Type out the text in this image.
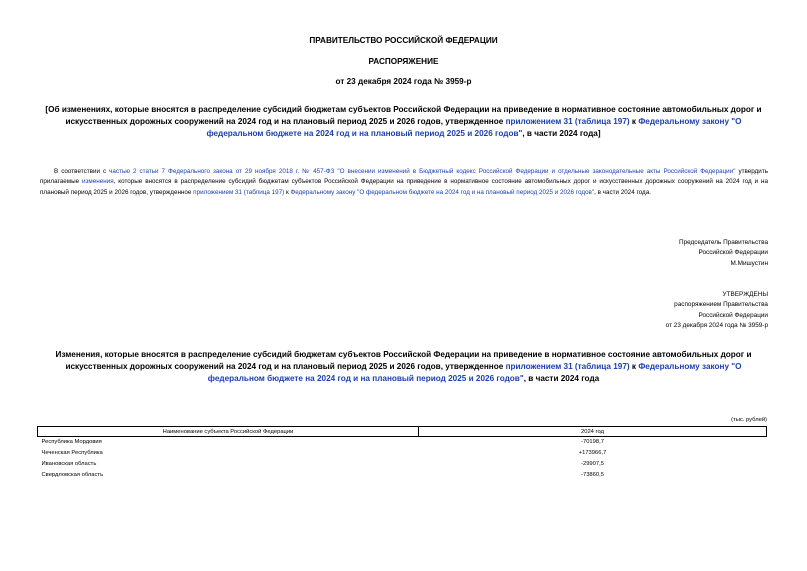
ПРАВИТЕЛЬСТВО РОССИЙСКОЙ ФЕДЕРАЦИИ
РАСПОРЯЖЕНИЕ
от 23 декабря 2024 года № 3959-р
[Об изменениях, которые вносятся в распределение субсидий бюджетам субъектов Российской Федерации на приведение в нормативное состояние автомобильных дорог и искусственных дорожных сооружений на 2024 год и на плановый период 2025 и 2026 годов, утвержденное приложением 31 (таблица 197) к Федеральному закону "О федеральном бюджете на 2024 год и на плановый период 2025 и 2026 годов", в части 2024 года]
В соответствии с частью 2 статьи 7 Федерального закона от 29 ноября 2018 г. № 457-ФЗ "О внесении изменений в Бюджетный кодекс Российской Федерации и отдельные законодательные акты Российской Федерации" утвердить прилагаемые изменения, которые вносятся в распределение субсидий бюджетам субъектов Российской Федерации на приведение в нормативное состояние автомобильных дорог и искусственных дорожных сооружений на 2024 год и на плановый период 2025 и 2026 годов, утвержденное приложением 31 (таблица 197) к Федеральному закону "О федеральном бюджете на 2024 год и на плановый период 2025 и 2026 годов", в части 2024 года.
Председатель Правительства
Российской Федерации
М.Мишустин
УТВЕРЖДЕНЫ
распоряжением Правительства
Российской Федерации
от 23 декабря 2024 года № 3959-р
Изменения, которые вносятся в распределение субсидий бюджетам субъектов Российской Федерации на приведение в нормативное состояние автомобильных дорог и искусственных дорожных сооружений на 2024 год и на плановый период 2025 и 2026 годов, утвержденное приложением 31 (таблица 197) к Федеральному закону "О федеральном бюджете на 2024 год и на плановый период 2025 и 2026 годов", в части 2024 года
(тыс. рублей)
Наименование субъекта Российской Федерации	2024 год
Республика Мордовия	-70198,7
Чеченская Республика	+173966,7
Ивановская область	-29907,5
Свердловская область	-73860,5
